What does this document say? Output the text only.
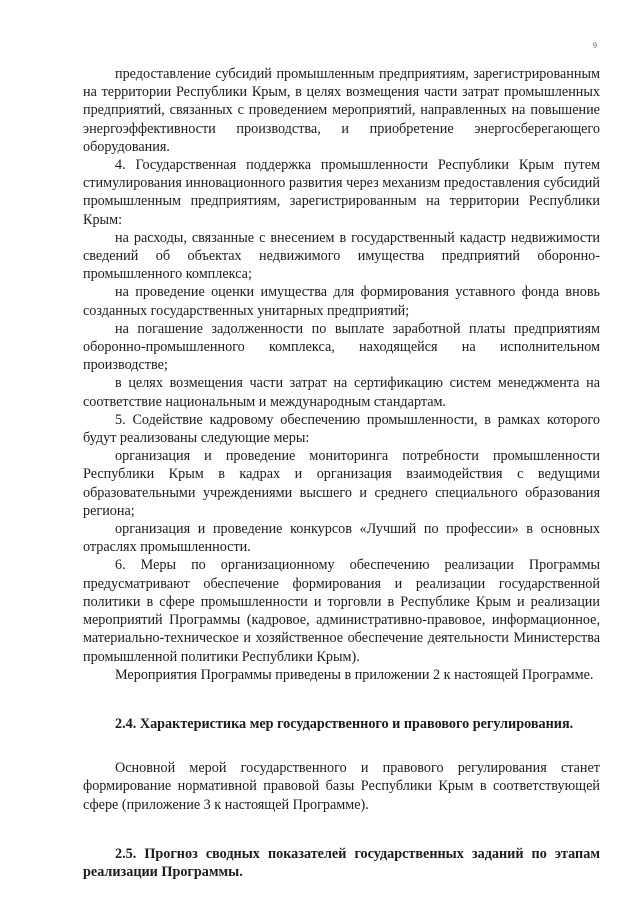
9

предоставление субсидий промышленным предприятиям, зарегистрированным на территории Республики Крым, в целях возмещения части затрат промышленных предприятий, связанных с проведением мероприятий, направленных на повышение энергоэффективности производства, и приобретение энергосберегающего оборудования.

4. Государственная поддержка промышленности Республики Крым путем стимулирования инновационного развития через механизм предоставления субсидий промышленным предприятиям, зарегистрированным на территории Республики Крым:

на расходы, связанные с внесением в государственный кадастр недвижимости сведений об объектах недвижимого имущества предприятий оборонно-промышленного комплекса;

на проведение оценки имущества для формирования уставного фонда вновь созданных государственных унитарных предприятий;

на погашение задолженности по выплате заработной платы предприятиям оборонно-промышленного комплекса, находящейся на исполнительном производстве;

в целях возмещения части затрат на сертификацию систем менеджмента на соответствие национальным и международным стандартам.

5. Содействие кадровому обеспечению промышленности, в рамках которого будут реализованы следующие меры:

организация и проведение мониторинга потребности промышленности Республики Крым в кадрах и организация взаимодействия с ведущими образовательными учреждениями высшего и среднего специального образования региона;

организация и проведение конкурсов «Лучший по профессии» в основных отраслях промышленности.

6. Меры по организационному обеспечению реализации Программы предусматривают обеспечение формирования и реализации государственной политики в сфере промышленности и торговли в Республике Крым и реализации мероприятий Программы (кадровое, административно-правовое, информационное, материально-техническое и хозяйственное обеспечение деятельности Министерства промышленной политики Республики Крым).

Мероприятия Программы приведены в приложении 2 к настоящей Программе.

2.4. Характеристика мер государственного и правового регулирования.

Основной мерой государственного и правового регулирования станет формирование нормативной правовой базы Республики Крым в соответствующей сфере (приложение 3 к настоящей Программе).

2.5. Прогноз сводных показателей государственных заданий по этапам реализации Программы.
